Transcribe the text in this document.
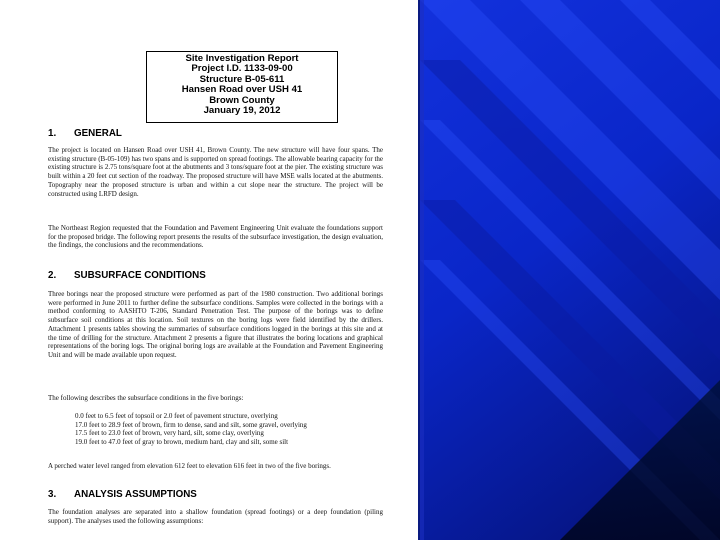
Site Investigation Report
Project I.D. 1133-09-00
Structure B-05-611
Hansen Road over USH 41
Brown County
January 19, 2012
1. GENERAL

The project is located on Hansen Road over USH 41, Brown County. The new structure will have four spans. The existing structure (B-05-109) has two spans and is supported on spread footings. The allowable bearing capacity for the existing structure is 2.75 tons/square foot at the abutments and 3 tons/square foot at the pier. The existing structure was built within a 20 feet cut section of the roadway. The proposed structure will have MSE walls located at the abutments. Topography near the proposed structure is urban and within a cut slope near the structure. The project will be constructed using LRFD design.

The Northeast Region requested that the Foundation and Pavement Engineering Unit evaluate the foundations support for the proposed bridge. The following report presents the results of the subsurface investigation, the design evaluation, the findings, the conclusions and the recommendations.

2. SUBSURFACE CONDITIONS

Three borings near the proposed structure were performed as part of the 1980 construction. Two additional borings were performed in June 2011 to further define the subsurface conditions. Samples were collected in the borings with a method conforming to AASHTO T-206, Standard Penetration Test. The purpose of the borings was to define subsurface soil conditions at this location. Soil textures on the boring logs were field identified by the drillers. Attachment 1 presents tables showing the summaries of subsurface conditions logged in the borings at this site and at the time of drilling for the structure. Attachment 2 presents a figure that illustrates the boring locations and graphical representations of the boring logs. The original boring logs are available at the Foundation and Pavement Engineering Unit and will be made available upon request.

The following describes the subsurface conditions in the five borings:

0.0 feet to 6.5 feet of topsoil or 2.0 feet of pavement structure, overlying
17.0 feet to 28.9 feet of brown, firm to dense, sand and silt, some gravel, overlying
17.5 feet to 23.0 feet of brown, very hard, silt, some clay, overlying
19.0 feet to 47.0 feet of gray to brown, medium hard, clay and silt, some silt

A perched water level ranged from elevation 612 feet to elevation 616 feet in two of the five borings.

3. ANALYSIS ASSUMPTIONS

The foundation analyses are separated into a shallow foundation (spread footings) or a deep foundation (piling support). The analyses used the following assumptions:
